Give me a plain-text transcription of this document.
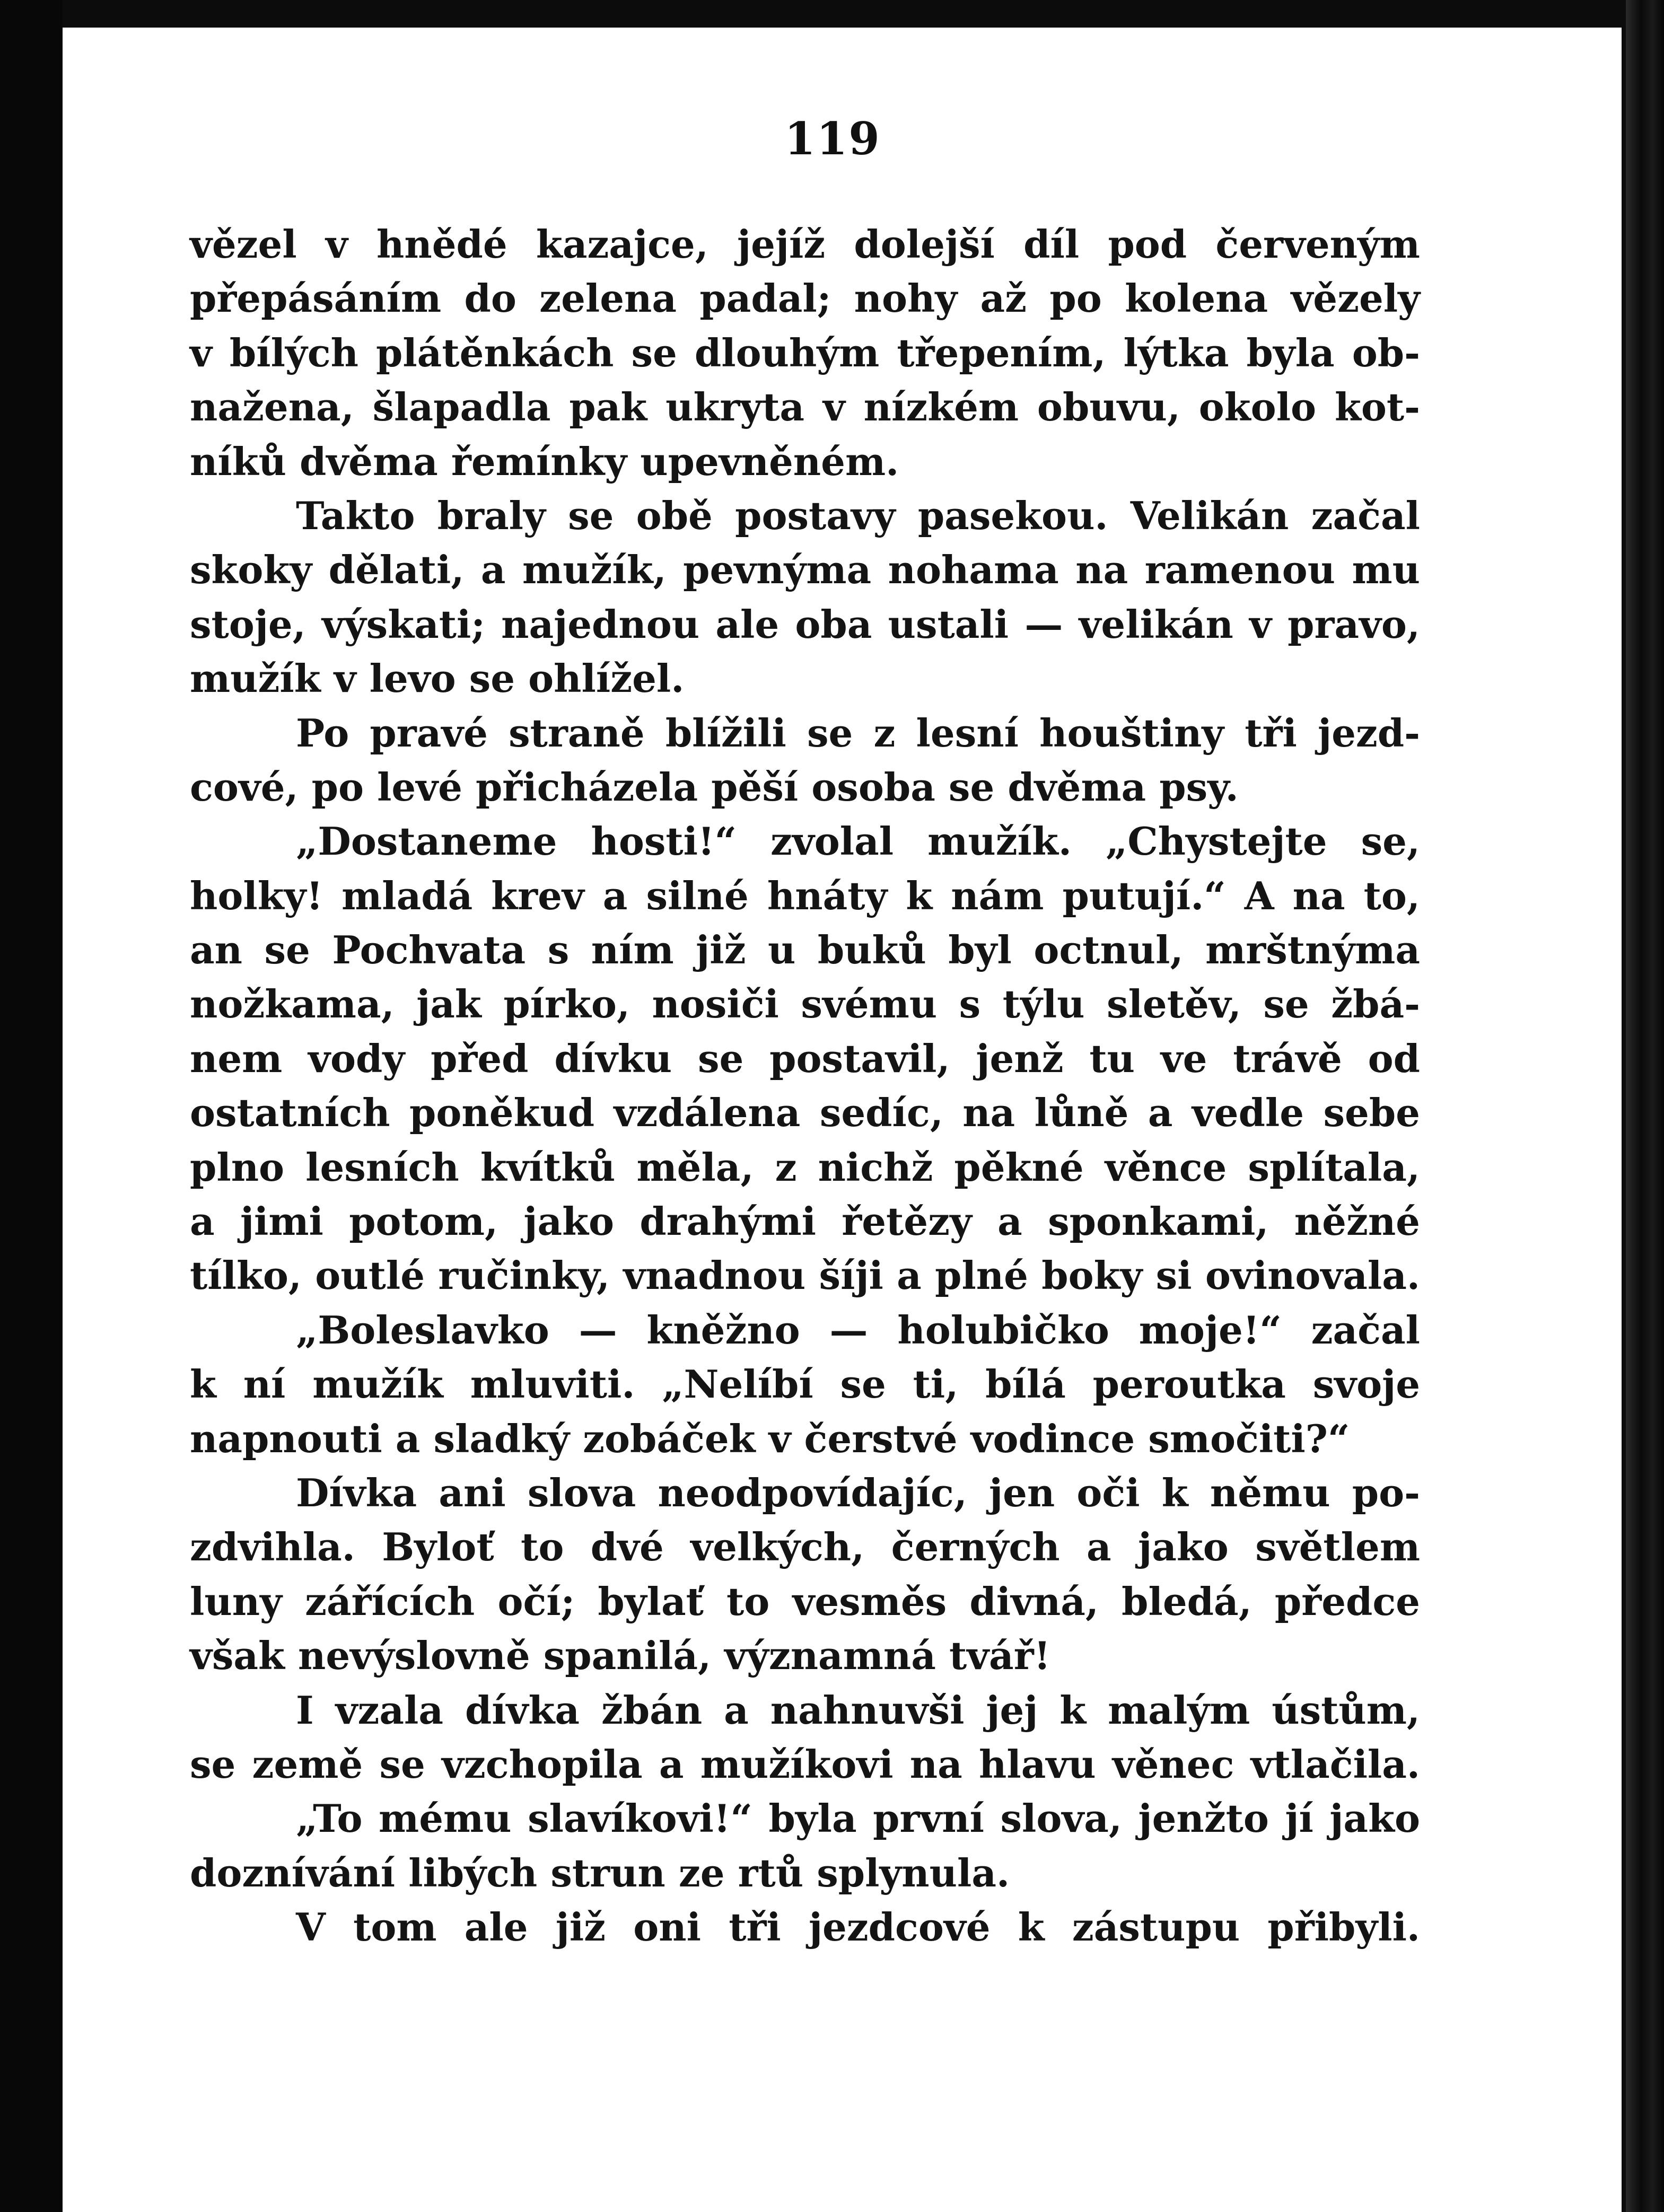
119
vězel v hnědé kazajce, jejíž dolejší díl pod červeným
přepásáním do zelena padal; nohy až po kolena vězely
v bílých plátěnkách se dlouhým třepením, lýtka byla ob-
nažena, šlapadla pak ukryta v nízkém obuvu, okolo kot-
níků dvěma řemínky upevněném.
Takto braly se obě postavy pasekou. Velikán začal
skoky dělati, a mužík, pevnýma nohama na ramenou mu
stoje, výskati; najednou ale oba ustali — velikán v pravo,
mužík v levo se ohlížel.
Po pravé straně blížili se z lesní houštiny tři jezd-
cové, po levé přicházela pěší osoba se dvěma psy.
„Dostaneme hosti!“ zvolal mužík. „Chystejte se,
holky! mladá krev a silné hnáty k nám putují.“ A na to,
an se Pochvata s ním již u buků byl octnul, mrštnýma
nožkama, jak pírko, nosiči svému s týlu sletěv, se žbá-
nem vody před dívku se postavil, jenž tu ve trávě od
ostatních poněkud vzdálena sedíc, na lůně a vedle sebe
plno lesních kvítků měla, z nichž pěkné věnce splítala,
a jimi potom, jako drahými řetězy a sponkami, něžné
tílko, outlé ručinky, vnadnou šíji a plné boky si ovinovala.
„Boleslavko — kněžno — holubičko moje!“ začal
k ní mužík mluviti. „Nelíbí se ti, bílá peroutka svoje
napnouti a sladký zobáček v čerstvé vodince smočiti?“
Dívka ani slova neodpovídajíc, jen oči k němu po-
zdvihla. Byloť to dvé velkých, černých a jako světlem
luny zářících očí; bylať to vesměs divná, bledá, předce
však nevýslovně spanilá, významná tvář!
I vzala dívka žbán a nahnuvši jej k malým ústům,
se země se vzchopila a mužíkovi na hlavu věnec vtlačila.
„To mému slavíkovi!“ byla první slova, jenžto jí jako
doznívání libých strun ze rtů splynula.
V tom ale již oni tři jezdcové k zástupu přibyli.
